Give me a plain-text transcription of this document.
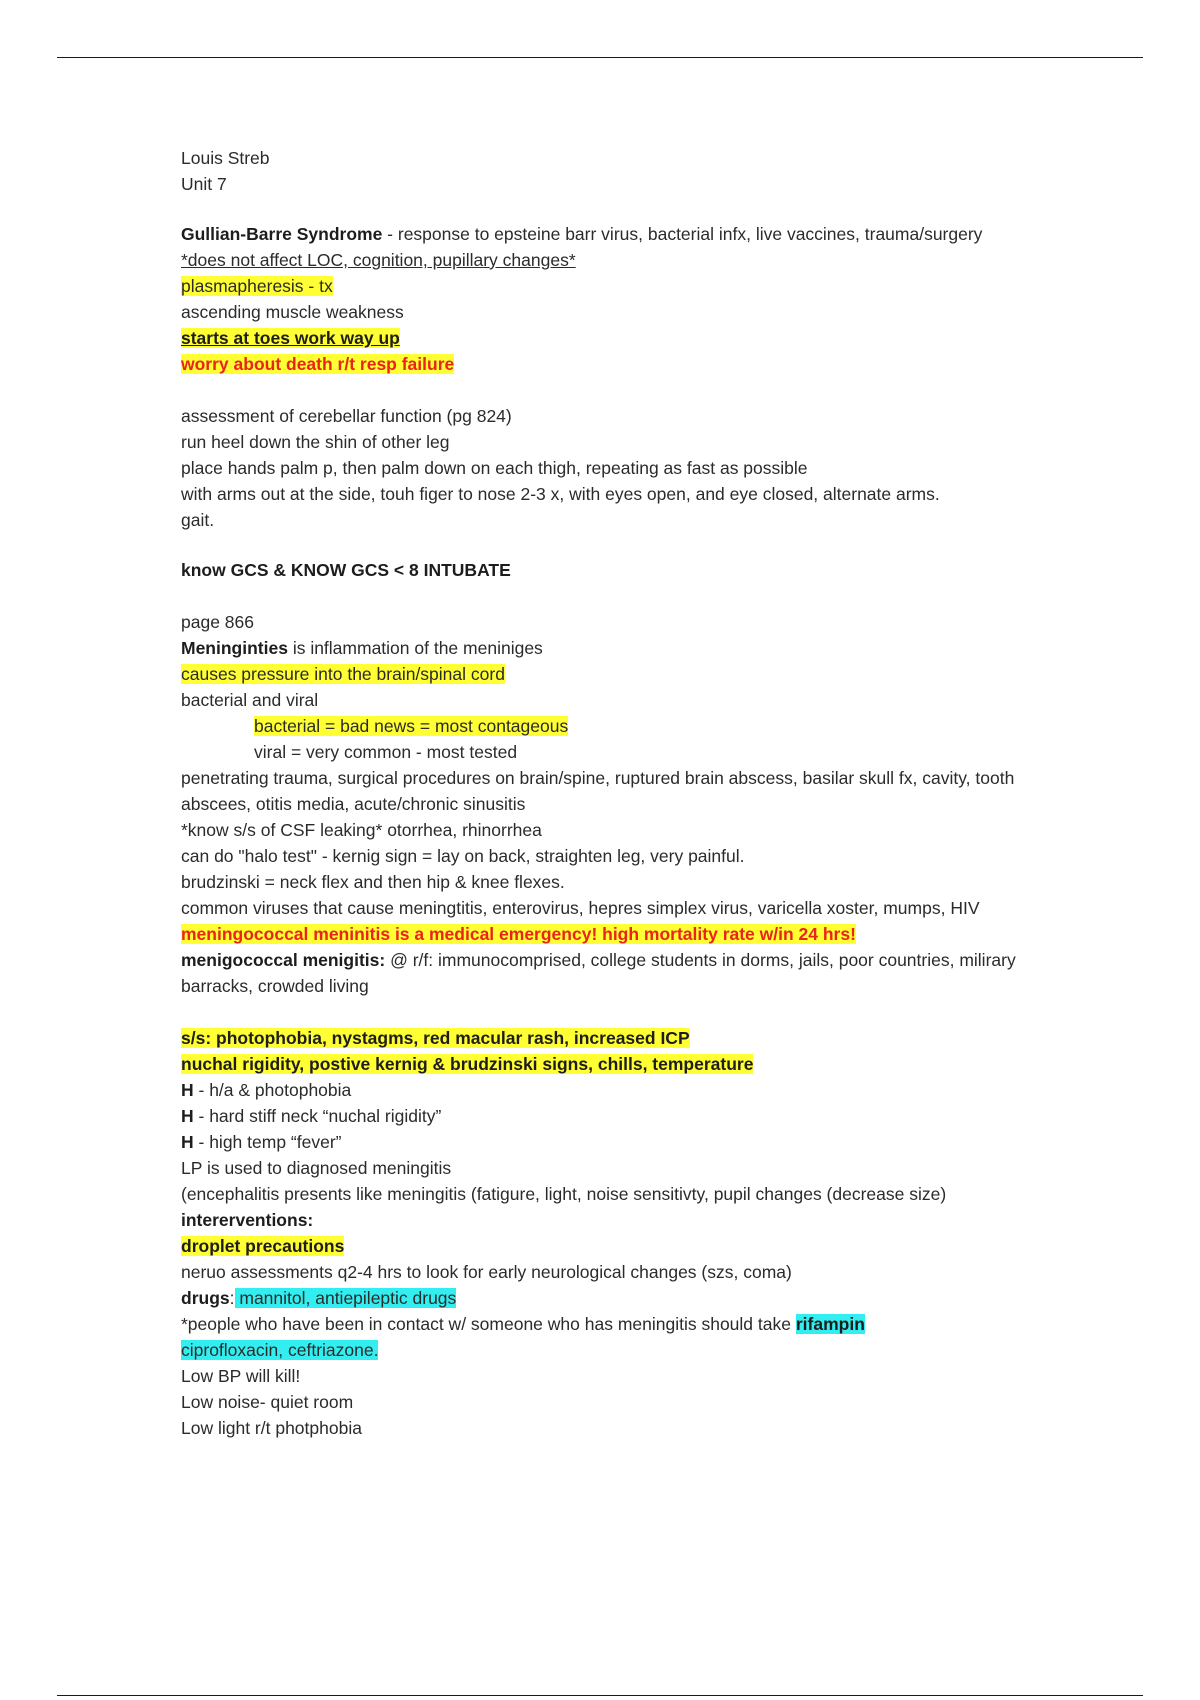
Louis Streb

Unit 7

Gullian-Barre Syndrome - response to epsteine barr virus, bacterial infx, live vaccines, trauma/surgery

*does not affect LOC, cognition, pupillary changes*

plasmapheresis - tx

ascending muscle weakness

starts at toes work way up

worry about death r/t resp failure

assessment of cerebellar function (pg 824)

run heel down the shin of other leg

place hands palm p, then palm down on each thigh, repeating as fast as possible

with arms out at the side, touh figer to nose 2-3 x, with eyes open, and eye closed, alternate arms.

gait.

know GCS & KNOW GCS < 8 INTUBATE

page 866

Meninginties is inflammation of the meniniges

causes pressure into the brain/spinal cord

bacterial and viral

bacterial = bad news = most contageous

viral = very common - most tested

penetrating trauma, surgical procedures on brain/spine, ruptured brain abscess, basilar skull fx, cavity, tooth abscees, otitis media, acute/chronic sinusitis

*know s/s of CSF leaking* otorrhea, rhinorrhea

can do "halo test" - kernig sign = lay on back, straighten leg, very painful.

brudzinski = neck flex and then hip & knee flexes.

common viruses that cause meningtitis, enterovirus, hepres simplex virus, varicella xoster, mumps, HIV

meningococcal meninitis is a medical emergency! high mortality rate w/in 24 hrs!

menigococcal menigitis: @ r/f: immunocomprised, college students in dorms, jails, poor countries, milirary barracks, crowded living

s/s: photophobia, nystagms, red macular rash, increased ICP

nuchal rigidity, postive kernig & brudzinski signs, chills, temperature

H - h/a & photophobia

H - hard stiff neck “nuchal rigidity”

H - high temp “fever”

LP is used to diagnosed meningitis

(encephalitis presents like meningitis (fatigure, light, noise sensitivty, pupil changes (decrease size)

intererventions:

droplet precautions

neruo assessments q2-4 hrs to look for early neurological changes (szs, coma)

drugs: mannitol, antiepileptic drugs

*people who have been in contact w/ someone who has meningitis should take rifampin

ciprofloxacin, ceftriazone.

Low BP will kill!

Low noise- quiet room

Low light r/t photphobia
